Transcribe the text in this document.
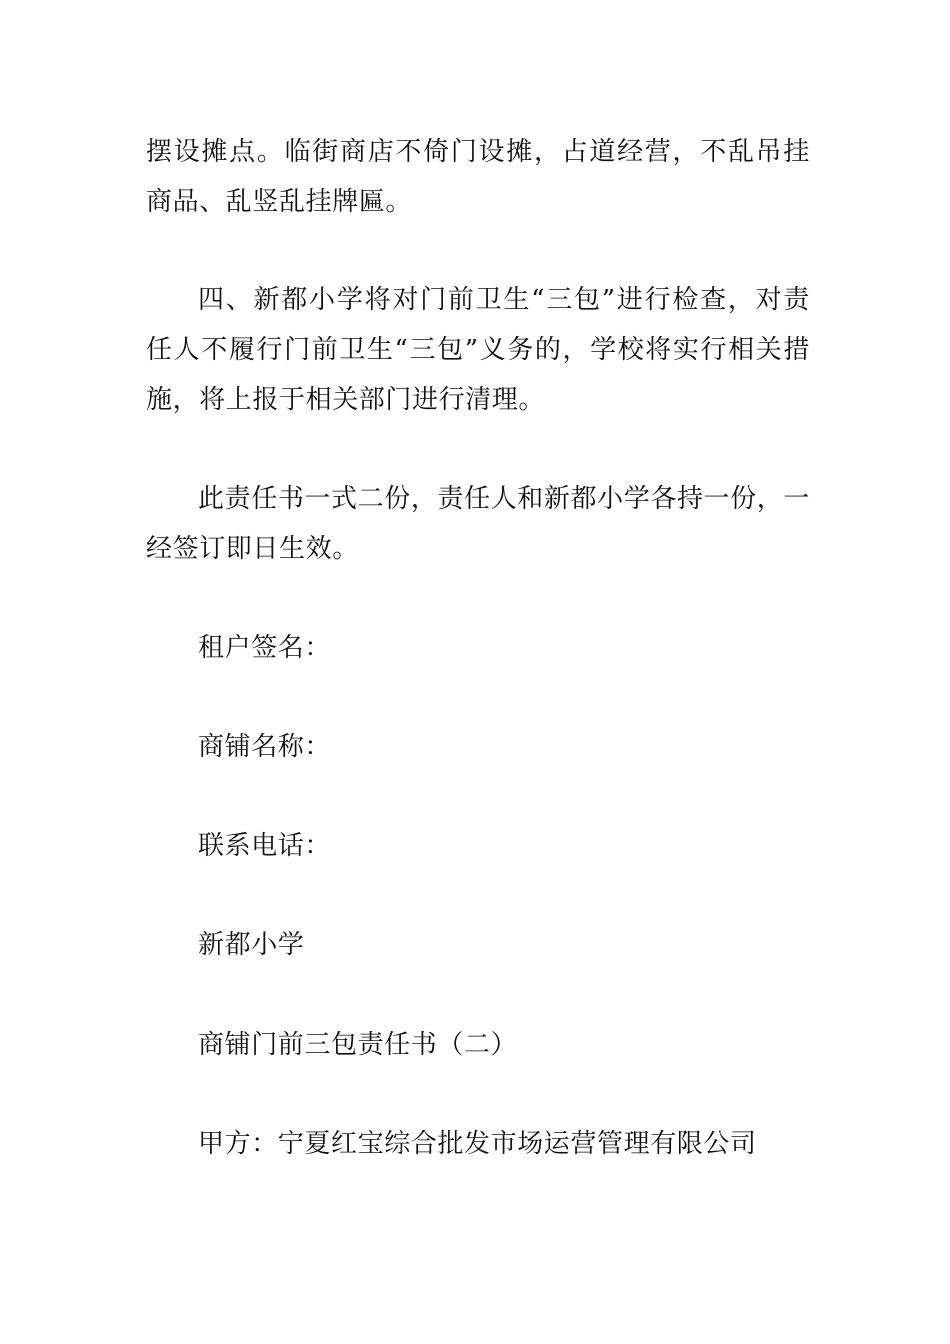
摆设摊点。临街商店不倚门设摊，占道经营，不乱吊挂商品、乱竖乱挂牌匾。

四、新都小学将对门前卫生“三包”进行检查，对责任人不履行门前卫生“三包”义务的，学校将实行相关措施，将上报于相关部门进行清理。

此责任书一式二份，责任人和新都小学各持一份，一经签订即日生效。

租户签名：

商铺名称：

联系电话：

新都小学

商铺门前三包责任书（二）

甲方：宁夏红宝综合批发市场运营管理有限公司
